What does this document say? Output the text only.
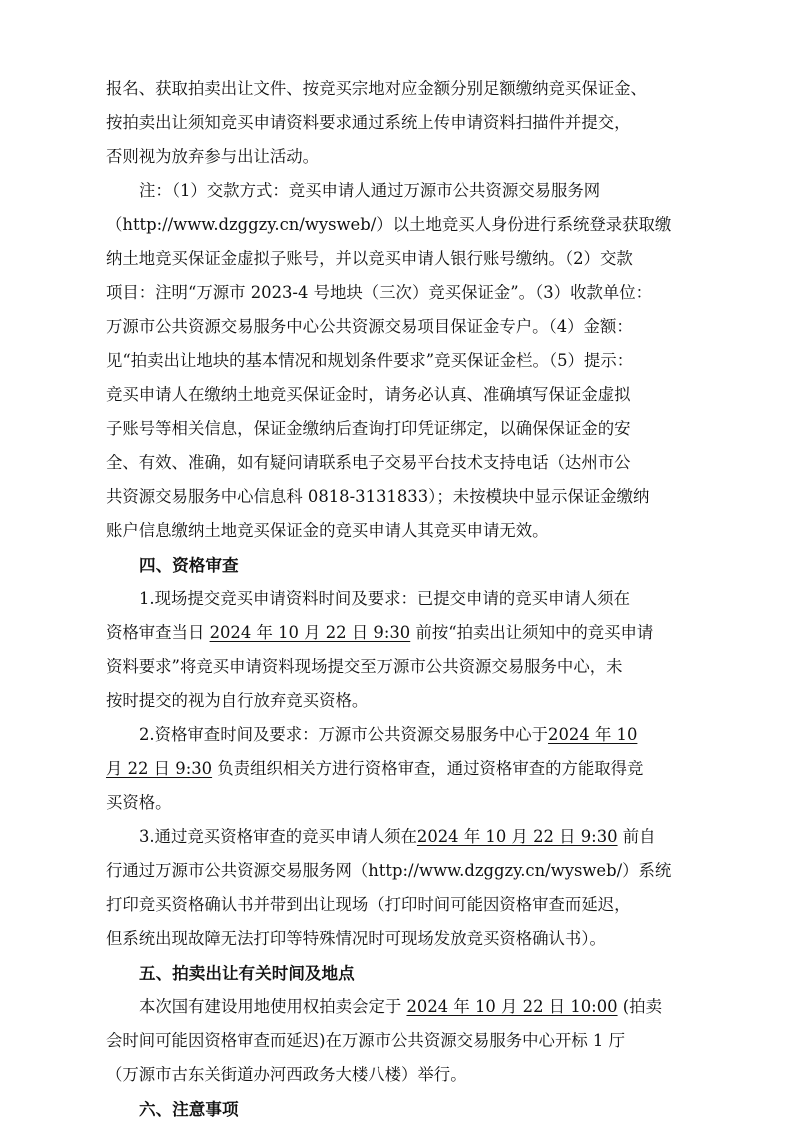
报名、获取拍卖出让文件、按竞买宗地对应金额分别足额缴纳竞买保证金、

按拍卖出让须知竞买申请资料要求通过系统上传申请资料扫描件并提交，

否则视为放弃参与出让活动。

注：（1）交款方式：竞买申请人通过万源市公共资源交易服务网

（http://www.dzggzy.cn/wysweb/）以土地竞买人身份进行系统登录获取缴

纳土地竞买保证金虚拟子账号，并以竞买申请人银行账号缴纳。（2）交款

项目：注明“万源市 2023-4 号地块（三次）竞买保证金”。（3）收款单位：

万源市公共资源交易服务中心公共资源交易项目保证金专户。（4）金额：

见“拍卖出让地块的基本情况和规划条件要求”竞买保证金栏。（5）提示：

竞买申请人在缴纳土地竞买保证金时，请务必认真、准确填写保证金虚拟

子账号等相关信息，保证金缴纳后查询打印凭证绑定，以确保保证金的安

全、有效、准确，如有疑问请联系电子交易平台技术支持电话（达州市公

共资源交易服务中心信息科 0818-3131833）；未按模块中显示保证金缴纳

账户信息缴纳土地竞买保证金的竞买申请人其竞买申请无效。

四、资格审查

1.现场提交竞买申请资料时间及要求：已提交申请的竞买申请人须在

资格审查当日 2024 年 10 月 22 日 9:30 前按“拍卖出让须知中的竞买申请

资料要求”将竞买申请资料现场提交至万源市公共资源交易服务中心，未

按时提交的视为自行放弃竞买资格。

2.资格审查时间及要求：万源市公共资源交易服务中心于2024 年 10

月 22 日 9:30 负责组织相关方进行资格审查，通过资格审查的方能取得竞

买资格。

3.通过竞买资格审查的竞买申请人须在2024 年 10 月 22 日 9:30 前自

行通过万源市公共资源交易服务网（http://www.dzggzy.cn/wysweb/）系统

打印竞买资格确认书并带到出让现场（打印时间可能因资格审查而延迟，

但系统出现故障无法打印等特殊情况时可现场发放竞买资格确认书）。

五、拍卖出让有关时间及地点

本次国有建设用地使用权拍卖会定于 2024 年 10 月 22 日 10:00 (拍卖

会时间可能因资格审查而延迟)在万源市公共资源交易服务中心开标 1 厅

（万源市古东关街道办河西政务大楼八楼）举行。

六、注意事项
